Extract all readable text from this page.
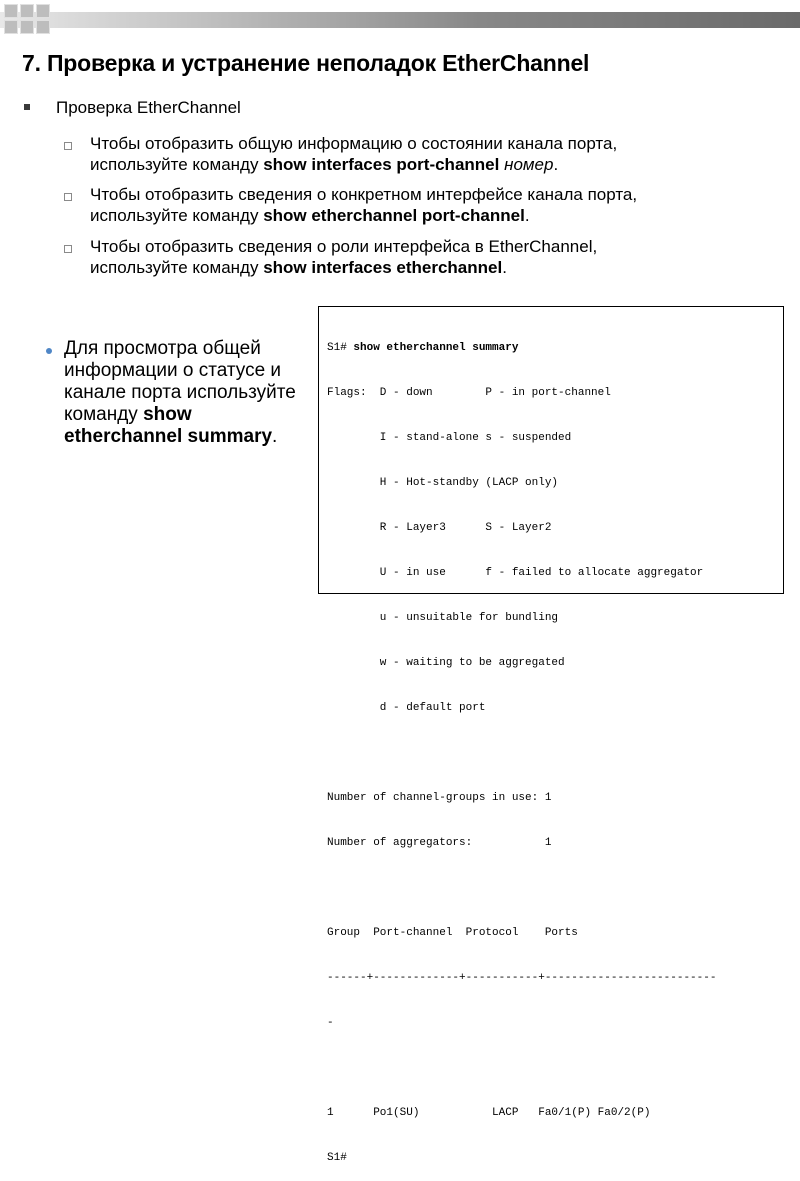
7. Проверка и устранение неполадок EtherChannel
Проверка EtherChannel
Чтобы отобразить общую информацию о состоянии канала порта,
используйте команду show interfaces port-channel номер.
Чтобы отобразить сведения о конкретном интерфейсе канала порта,
используйте команду show etherchannel port-channel.
Чтобы отобразить сведения о роли интерфейса в EtherChannel,
используйте команду show interfaces etherchannel.
Для просмотра общей информации о статусе и канале порта используйте команду show etherchannel summary.

S1# show etherchannel summary

Flags:  D - down        P - in port-channel

I - stand-alone s - suspended

H - Hot-standby (LACP only)

R - Layer3      S - Layer2

U - in use      f - failed to allocate aggregator

u - unsuitable for bundling

w - waiting to be aggregated

d - default port

Number of channel-groups in use: 1

Number of aggregators:           1

Group  Port-channel  Protocol    Ports

------+-------------+-----------+--------------------------

-

1      Po1(SU)           LACP   Fa0/1(P) Fa0/2(P)

S1#
